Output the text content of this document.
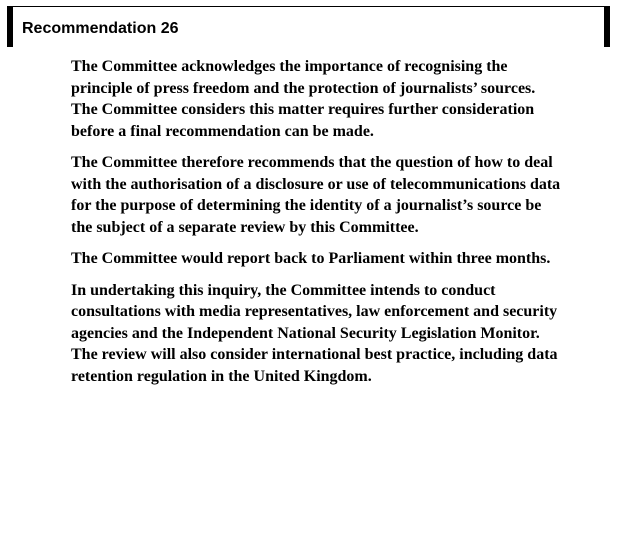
Recommendation 26

The Committee acknowledges the importance of recognising the
principle of press freedom and the protection of journalists’ sources.
The Committee considers this matter requires further consideration
before a final recommendation can be made.

The Committee therefore recommends that the question of how to deal
with the authorisation of a disclosure or use of telecommunications data
for the purpose of determining the identity of a journalist’s source be
the subject of a separate review by this Committee.

The Committee would report back to Parliament within three months.

In undertaking this inquiry, the Committee intends to conduct
consultations with media representatives, law enforcement and security
agencies and the Independent National Security Legislation Monitor.
The review will also consider international best practice, including data
retention regulation in the United Kingdom.
